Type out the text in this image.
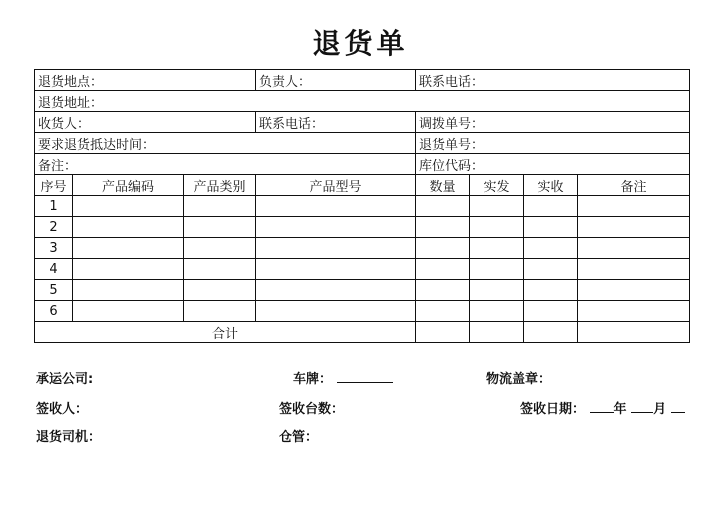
退货单
退货地点：			负责人：	联系电话：			
退货地址：							
收货人：			联系电话：	调拨单号：			
要求退货抵达时间：				退货单号：			
备注：				库位代码：			
序号	产品编码	产品类别	产品型号	数量	实发	实收	备注
1							
2							
3							
4							
5							
6							
合计							
承运公司:	车牌：	物流盖章：
签收人：	签收台数：	签收日期： 年 月
退货司机：	仓管：
